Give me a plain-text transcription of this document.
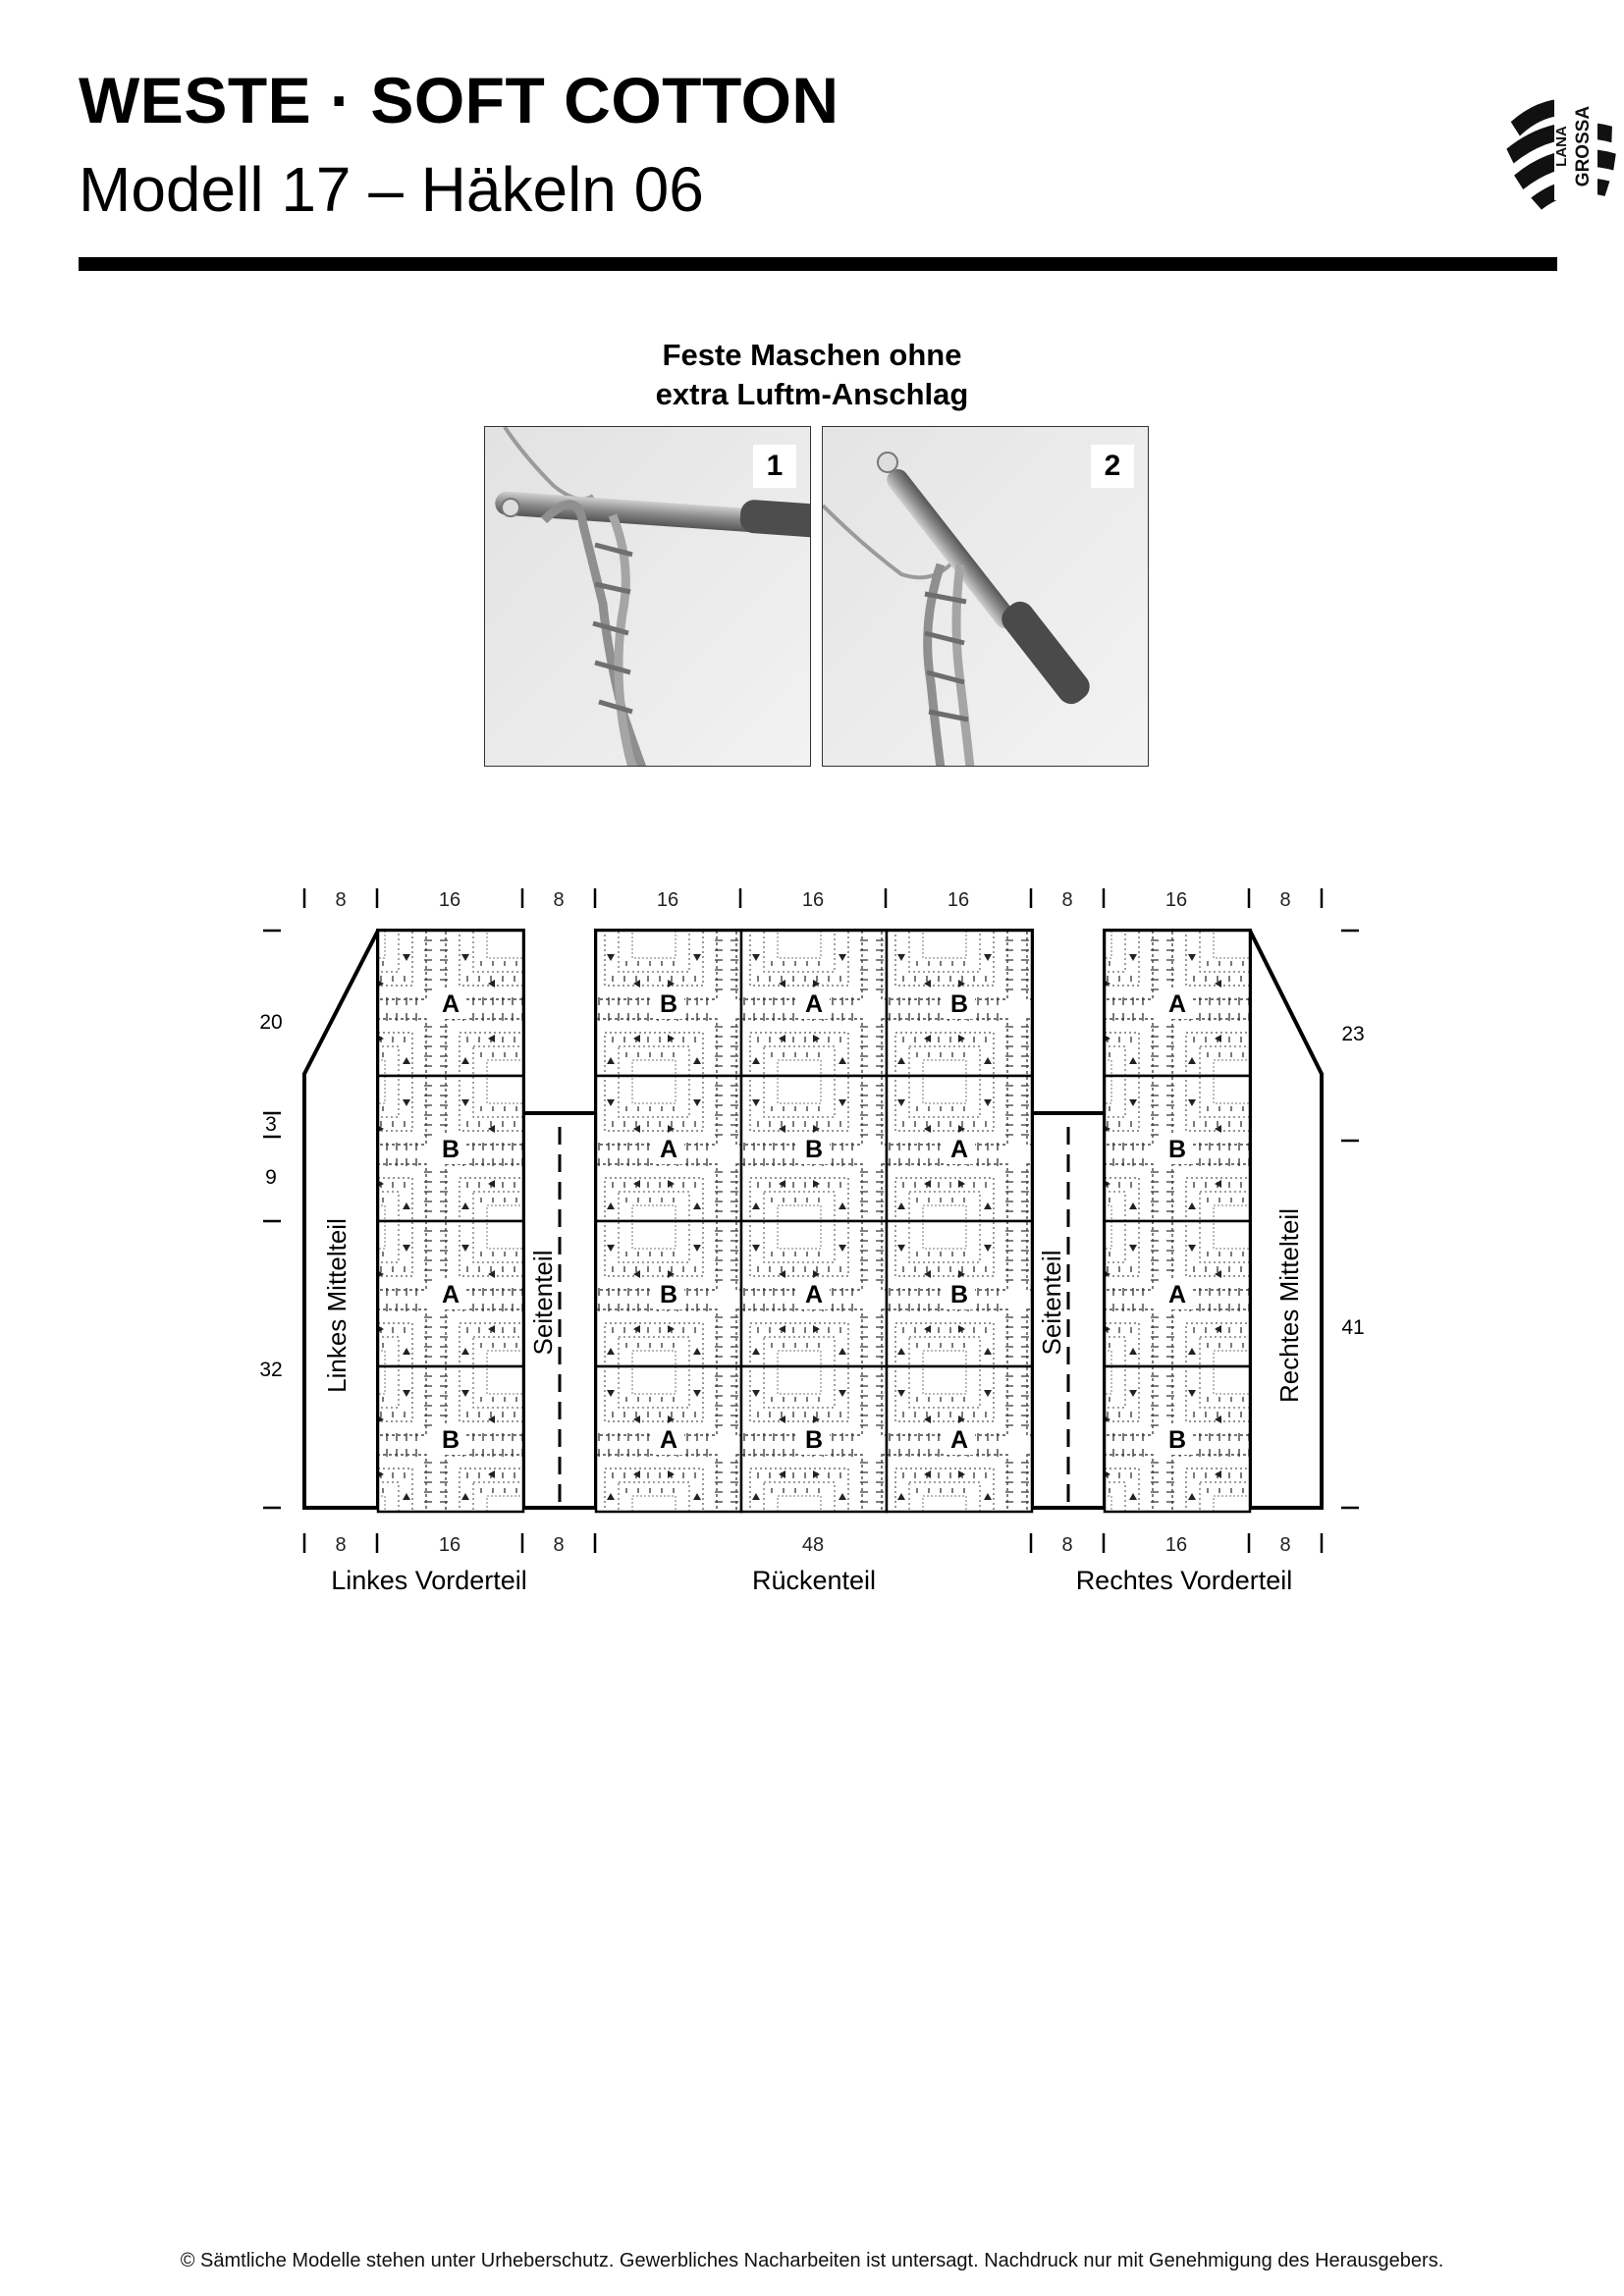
WESTE · SOFT COTTON
Modell 17 – Häkeln 06
LANA GROSSA
Feste Maschen ohne
extra Luftm-Anschlag
1	2
A
B
A
B
B	A	B
A	B	A
B	A	B
A	B	A
A
B
A
B
8	16	8	16	16	16	8	16	8
8	16	8	48	8	16	8
20
3
9
32
23
41
Linkes Mittelteil	Rechtes Mittelteil
Seitenteil	Seitenteil
Linkes Vorderteil	Rückenteil	Rechtes Vorderteil
© Sämtliche Modelle stehen unter Urheberschutz. Gewerbliches Nacharbeiten ist untersagt. Nachdruck nur mit Genehmigung des Herausgebers.
